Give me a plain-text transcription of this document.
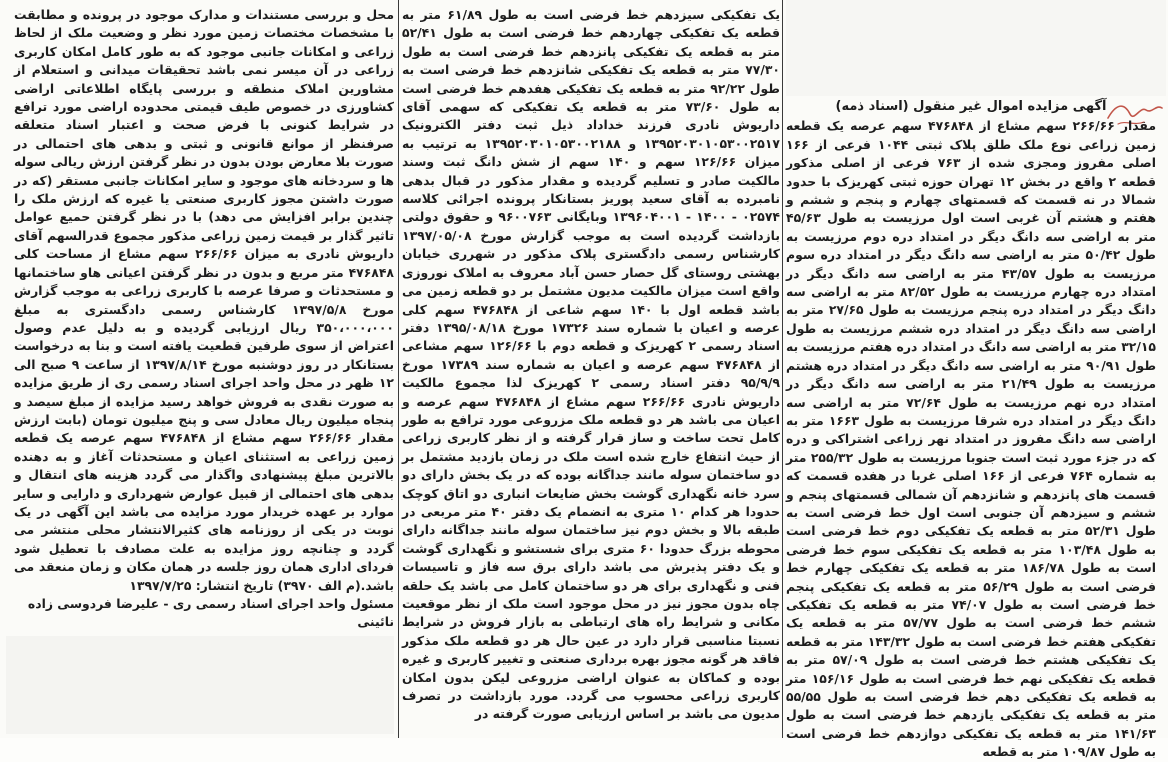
آگهی مزایده اموال غیر منقول (اسناد ذمه)

مقدار ۲۶۶/۶۶ سهم مشاع از ۴۷۶۸۴۸ سهم عرصه یک قطعه زمین زراعی نوع ملک طلق پلاک ثبتی ۱۰۴۴ فرعی از ۱۶۶ اصلی مفروز ومجزی شده از ۷۶۳ فرعی از اصلی مذکور قطعه ۲ واقع در بخش ۱۲ تهران حوزه ثبتی کهریزک با حدود شمالا در نه قسمت که قسمتهای چهارم و پنجم و ششم و هفتم و هشتم آن غربی است اول مرزیست به طول ۴۵/۶۳ متر به اراضی سه دانگ دیگر در امتداد دره دوم مرزیست به طول ۵۰/۴۲ متر به اراضی سه دانگ دیگر در امتداد دره سوم مرزیست به طول ۴۳/۵۷ متر به اراضی سه دانگ دیگر در امتداد دره چهارم مرزیست به طول ۸۲/۵۲ متر به اراضی سه دانگ دیگر در امتداد دره پنجم مرزیست به طول ۲۷/۶۵ متر به اراضی سه دانگ دیگر در امتداد دره ششم مرزیست به طول ۳۲/۱۵ متر به اراضی سه دانگ در امتداد دره هفتم مرزیست به طول ۹۰/۹۱ متر به اراضی سه دانگ دیگر در امتداد دره هشتم مرزیست به طول ۲۱/۴۹ متر به اراضی سه دانگ دیگر در امتداد دره نهم مرزیست به طول ۷۲/۶۴ متر به اراضی سه دانگ دیگر در امتداد دره شرقا مرزیست به طول ۱۶۶۳ متر به اراضی سه دانگ مفروز در امتداد نهر زراعی اشتراکی و دره که در جزء مورد ثبت است جنوبا مرزیست به طول ۲۵۵/۳۲ متر به شماره ۷۶۴ فرعی از ۱۶۶ اصلی غربا در هفده قسمت که قسمت های پانزدهم و شانزدهم آن شمالی قسمتهای پنجم و ششم و سیزدهم آن جنوبی است اول خط فرضی است به طول ۵۲/۳۱ متر به قطعه یک تفکیکی دوم خط فرضی است به طول ۱۰۳/۴۸ متر به قطعه یک تفکیکی سوم خط فرضی است به طول ۱۸۶/۷۸ متر به قطعه یک تفکیکی چهارم خط فرضی است به طول ۵۶/۲۹ متر به قطعه یک تفکیکی پنجم خط فرضی است به طول ۷۴/۰۷ متر به قطعه یک تفکیکی ششم خط فرضی است به طول ۵۷/۷۷ متر به قطعه یک تفکیکی هفتم خط فرضی است به طول ۱۴۳/۳۲ متر به قطعه یک تفکیکی هشتم خط فرضی است به طول ۵۷/۰۹ متر به قطعه یک تفکیکی نهم خط فرضی است به طول ۱۵۶/۱۶ متر به قطعه یک تفکیکی دهم خط فرضی است به طول ۵۵/۵۵ متر به قطعه یک تفکیکی یازدهم خط فرضی است به طول ۱۴۱/۶۳ متر به قطعه یک تفکیکی دوازدهم خط فرضی است به طول ۱۰۹/۸۷ متر به قطعه

یک تفکیکی سیزدهم خط فرضی است به طول ۶۱/۸۹ متر به قطعه یک تفکیکی چهاردهم خط فرضی است به طول ۵۲/۴۱ متر به قطعه یک تفکیکی پانزدهم خط فرضی است به طول ۷۷/۳۰ متر به قطعه یک تفکیکی شانزدهم خط فرضی است به طول ۹۲/۲۲ متر به قطعه یک تفکیکی هفدهم خط فرضی است به طول ۷۳/۶۰ متر به قطعه یک تفکیکی که سهمی آقای داریوش نادری فرزند خداداد ذیل ثبت دفتر الکترونیک ۱۳۹۵۲۰۳۰۱۰۵۳۰۰۲۵۱۷ و ۱۳۹۵۲۰۳۰۱۰۵۳۰۰۲۱۸۸ به ترتیب به میزان ۱۲۶/۶۶ سهم و ۱۴۰ سهم از شش دانگ ثبت وسند مالکیت صادر و تسلیم گردیده و مقدار مذکور در قبال بدهی نامبرده به آقای سعید پوریز بستانکار پرونده اجرائی کلاسه ۰۲۵۷۴ - ۱۴۰۰ - ۱۳۹۶۰۴۰۰۱ وبایگانی ۹۶۰۰۷۶۳ و حقوق دولتی بازداشت گردیده است به موجب گزارش مورخ ۱۳۹۷/۰۵/۰۸ کارشناس رسمی دادگستری پلاک مذکور در شهرری خیابان بهشتی روستای گل حصار حسن آباد معروف به املاک نوروزی واقع است میزان مالکیت مدیون مشتمل بر دو قطعه زمین می باشد قطعه اول با ۱۴۰ سهم شاعی از ۴۷۶۸۴۸ سهم کلی عرصه و اعیان با شماره سند ۱۷۳۲۶ مورخ ۱۳۹۵/۰۸/۱۸ دفتر اسناد رسمی ۲ کهریزک و قطعه دوم با ۱۲۶/۶۶ سهم مشاعی از ۴۷۶۸۴۸ سهم عرصه و اعیان به شماره سند ۱۷۳۸۹ مورخ ۹۵/۹/۹ دفتر اسناد رسمی ۲ کهریزک لذا مجموع مالکیت داریوش نادری ۲۶۶/۶۶ سهم مشاع از ۴۷۶۸۴۸ سهم عرصه و اعیان می باشد هر دو قطعه ملک مزروعی مورد ترافع به طور کامل تحت ساخت و ساز قرار گرفته و از نظر کاربری زراعی از حیث انتفاع خارج شده است ملک در زمان بازدید مشتمل بر دو ساختمان سوله مانند جداگانه بوده که در یک بخش دارای دو سرد خانه نگهداری گوشت بخش ضایعات انباری دو اتاق کوچک حدودا هر کدام ۱۰ متری به انضمام یک دفتر ۴۰ متر مربعی در طبقه بالا و بخش دوم نیز ساختمان سوله مانند جداگانه دارای محوطه بزرگ حدودا ۶۰ متری برای شستشو و نگهداری گوشت و یک دفتر پذیرش می باشد دارای برق سه فاز و تاسیسات فنی و نگهداری برای هر دو ساختمان کامل می باشد یک حلقه چاه بدون مجوز نیز در محل موجود است ملک از نظر موقعیت مکانی و شرایط راه های ارتباطی به بازار فروش در شرایط نسبتا مناسبی قرار دارد در عین حال هر دو قطعه ملک مذکور فاقد هر گونه مجوز بهره برداری صنعتی و تغییر کاربری و غیره بوده و کماکان به عنوان اراضی مزروعی لیکن بدون امکان کاربری زراعی محسوب می گردد. مورد بازداشت در تصرف مدیون می باشد بر اساس ارزیابی صورت گرفته در

محل و بررسی مستندات و مدارک موجود در پرونده و مطابقت با مشخصات مختصات زمین مورد نظر و وضعیت ملک از لحاظ زراعی و امکانات جانبی موجود که به طور کامل امکان کاربری زراعی در آن میسر نمی باشد تحقیقات میدانی و استعلام از مشاورین املاک منطقه و بررسی پایگاه اطلاعاتی اراضی کشاورزی در خصوص طیف قیمتی محدوده اراضی مورد ترافع در شرایط کنونی با فرض صحت و اعتبار اسناد متعلقه صرفنظر از موانع قانونی و ثبتی و بدهی های احتمالی در صورت بلا معارض بودن بدون در نظر گرفتن ارزش ریالی سوله ها و سردخانه های موجود و سایر امکانات جانبی مستقر (که در صورت داشتن مجوز کاربری صنعتی یا غیره که ارزش ملک را چندین برابر افزایش می دهد) با در نظر گرفتن حمیع عوامل تاثیر گذار بر قیمت زمین زراعی مذکور مجموع قدرالسهم آقای داریوش نادری به میزان ۲۶۶/۶۶ سهم مشاع از مساحت کلی ۴۷۶۸۴۸ متر مربع و بدون در نظر گرفتن اعیانی هاو ساختمانها و مستحدثات و صرفا عرصه با کاربری زراعی به موجب گزارش مورخ ۱۳۹۷/۵/۸ کارشناس رسمی دادگستری به مبلغ ۳۵۰،۰۰۰،۰۰۰ ریال ارزیابی گردیده و به دلیل عدم وصول اعتراض از سوی طرفین قطعیت یافته است و بنا به درخواست بستانکار در روز دوشنبه مورخ ۱۳۹۷/۸/۱۴ از ساعت ۹ صبح الی ۱۲ ظهر در محل واحد اجرای اسناد رسمی ری از طریق مزایده به صورت نقدی به فروش خواهد رسید مزایده از مبلغ سیصد و پنجاه میلیون ریال معادل سی و پنج میلیون تومان (بابت ارزش مقدار ۲۶۶/۶۶ سهم مشاع از ۴۷۶۸۴۸ سهم عرصه یک قطعه زمین زراعی به استثنای اعیان و مستحدثات آغاز و به دهنده بالاترین مبلغ پیشنهادی واگذار می گردد هزینه های انتقال و بدهی های احتمالی از قبیل عوارض شهرداری و دارایی و سایر موارد بر عهده خریدار مورد مزایده می باشد این آگهی در یک نوبت در یکی از روزنامه های کثیرالانتشار محلی منتشر می گردد و چنانچه روز مزایده به علت مصادف با تعطیل شود فردای اداری همان روز جلسه در همان مکان و زمان منعقد می باشد.(م الف ۳۹۷۰) تاریخ انتشار: ۱۳۹۷/۷/۲۵

مسئول واحد اجرای اسناد رسمی ری - علیرضا فردوسی زاده نائینی
